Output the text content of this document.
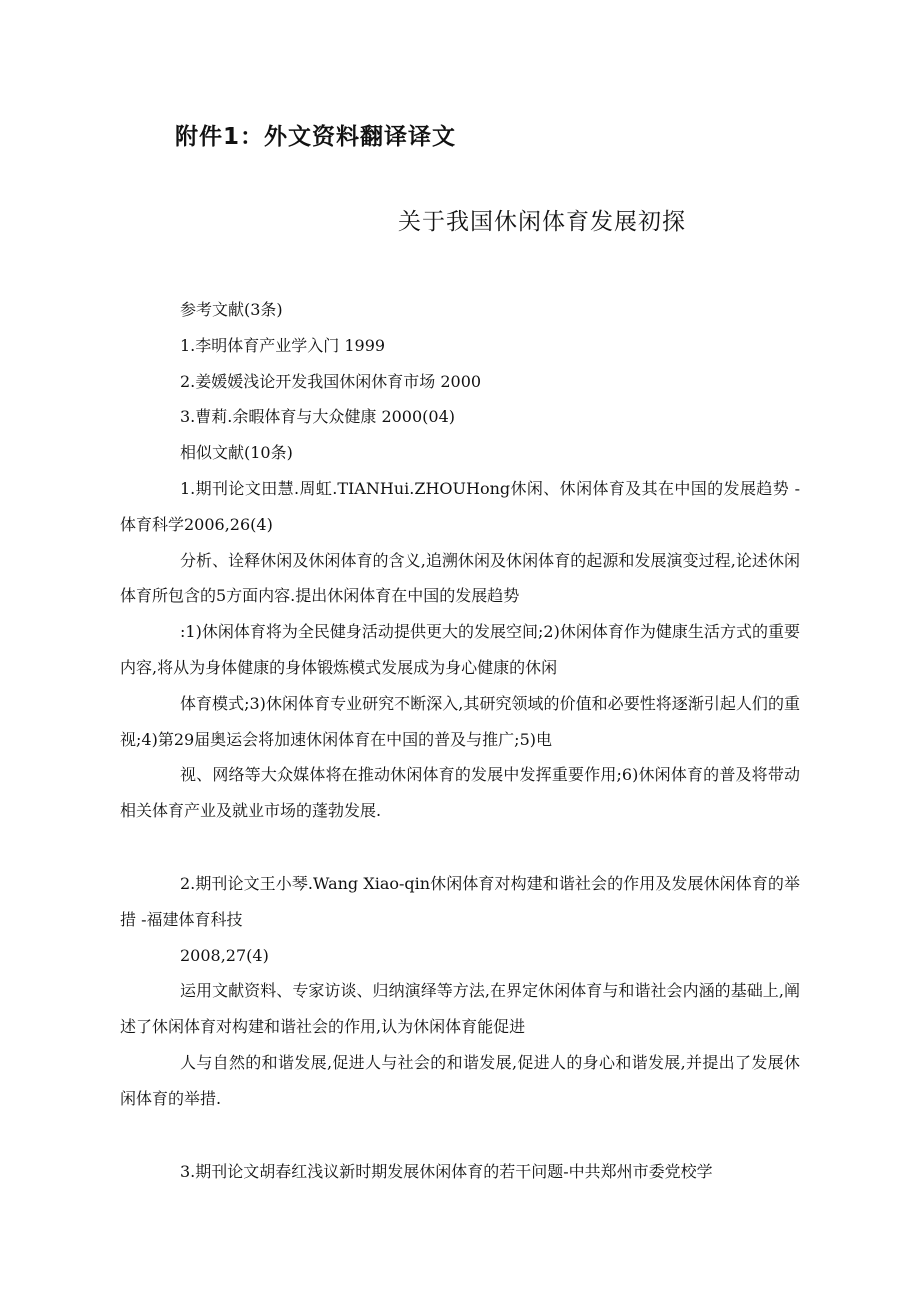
附件1：外文资料翻译译文
关于我国休闲体育发展初探

参考文献(3条)

1.李明体育产业学入门 1999

2.姜媛媛浅论开发我国休闲休育市场 2000

3.曹莉.余暇体育与大众健康 2000(04)

相似文献(10条)

1.期刊论文田慧.周虹.TIANHui.ZHOUHong休闲、休闲体育及其在中国的发展趋势 -体育科学2006,26(4)

分析、诠释休闲及休闲体育的含义,追溯休闲及休闲体育的起源和发展演变过程,论述休闲体育所包含的5方面内容.提出休闲体育在中国的发展趋势

:1)休闲体育将为全民健身活动提供更大的发展空间;2)休闲体育作为健康生活方式的重要内容,将从为身体健康的身体锻炼模式发展成为身心健康的休闲

体育模式;3)休闲体育专业研究不断深入,其研究领域的价值和必要性将逐渐引起人们的重视;4)第29届奥运会将加速休闲体育在中国的普及与推广;5)电

视、网络等大众媒体将在推动休闲体育的发展中发挥重要作用;6)休闲体育的普及将带动相关体育产业及就业市场的蓬勃发展.

2.期刊论文王小琴.Wang Xiao-qin休闲体育对构建和谐社会的作用及发展休闲体育的举措 -福建体育科技

2008,27(4)

运用文献资料、专家访谈、归纳演绎等方法,在界定休闲体育与和谐社会内涵的基础上,阐述了休闲体育对构建和谐社会的作用,认为休闲体育能促进

人与自然的和谐发展,促进人与社会的和谐发展,促进人的身心和谐发展,并提出了发展休闲体育的举措.

3.期刊论文胡春红浅议新时期发展休闲体育的若干问题-中共郑州市委党校学
